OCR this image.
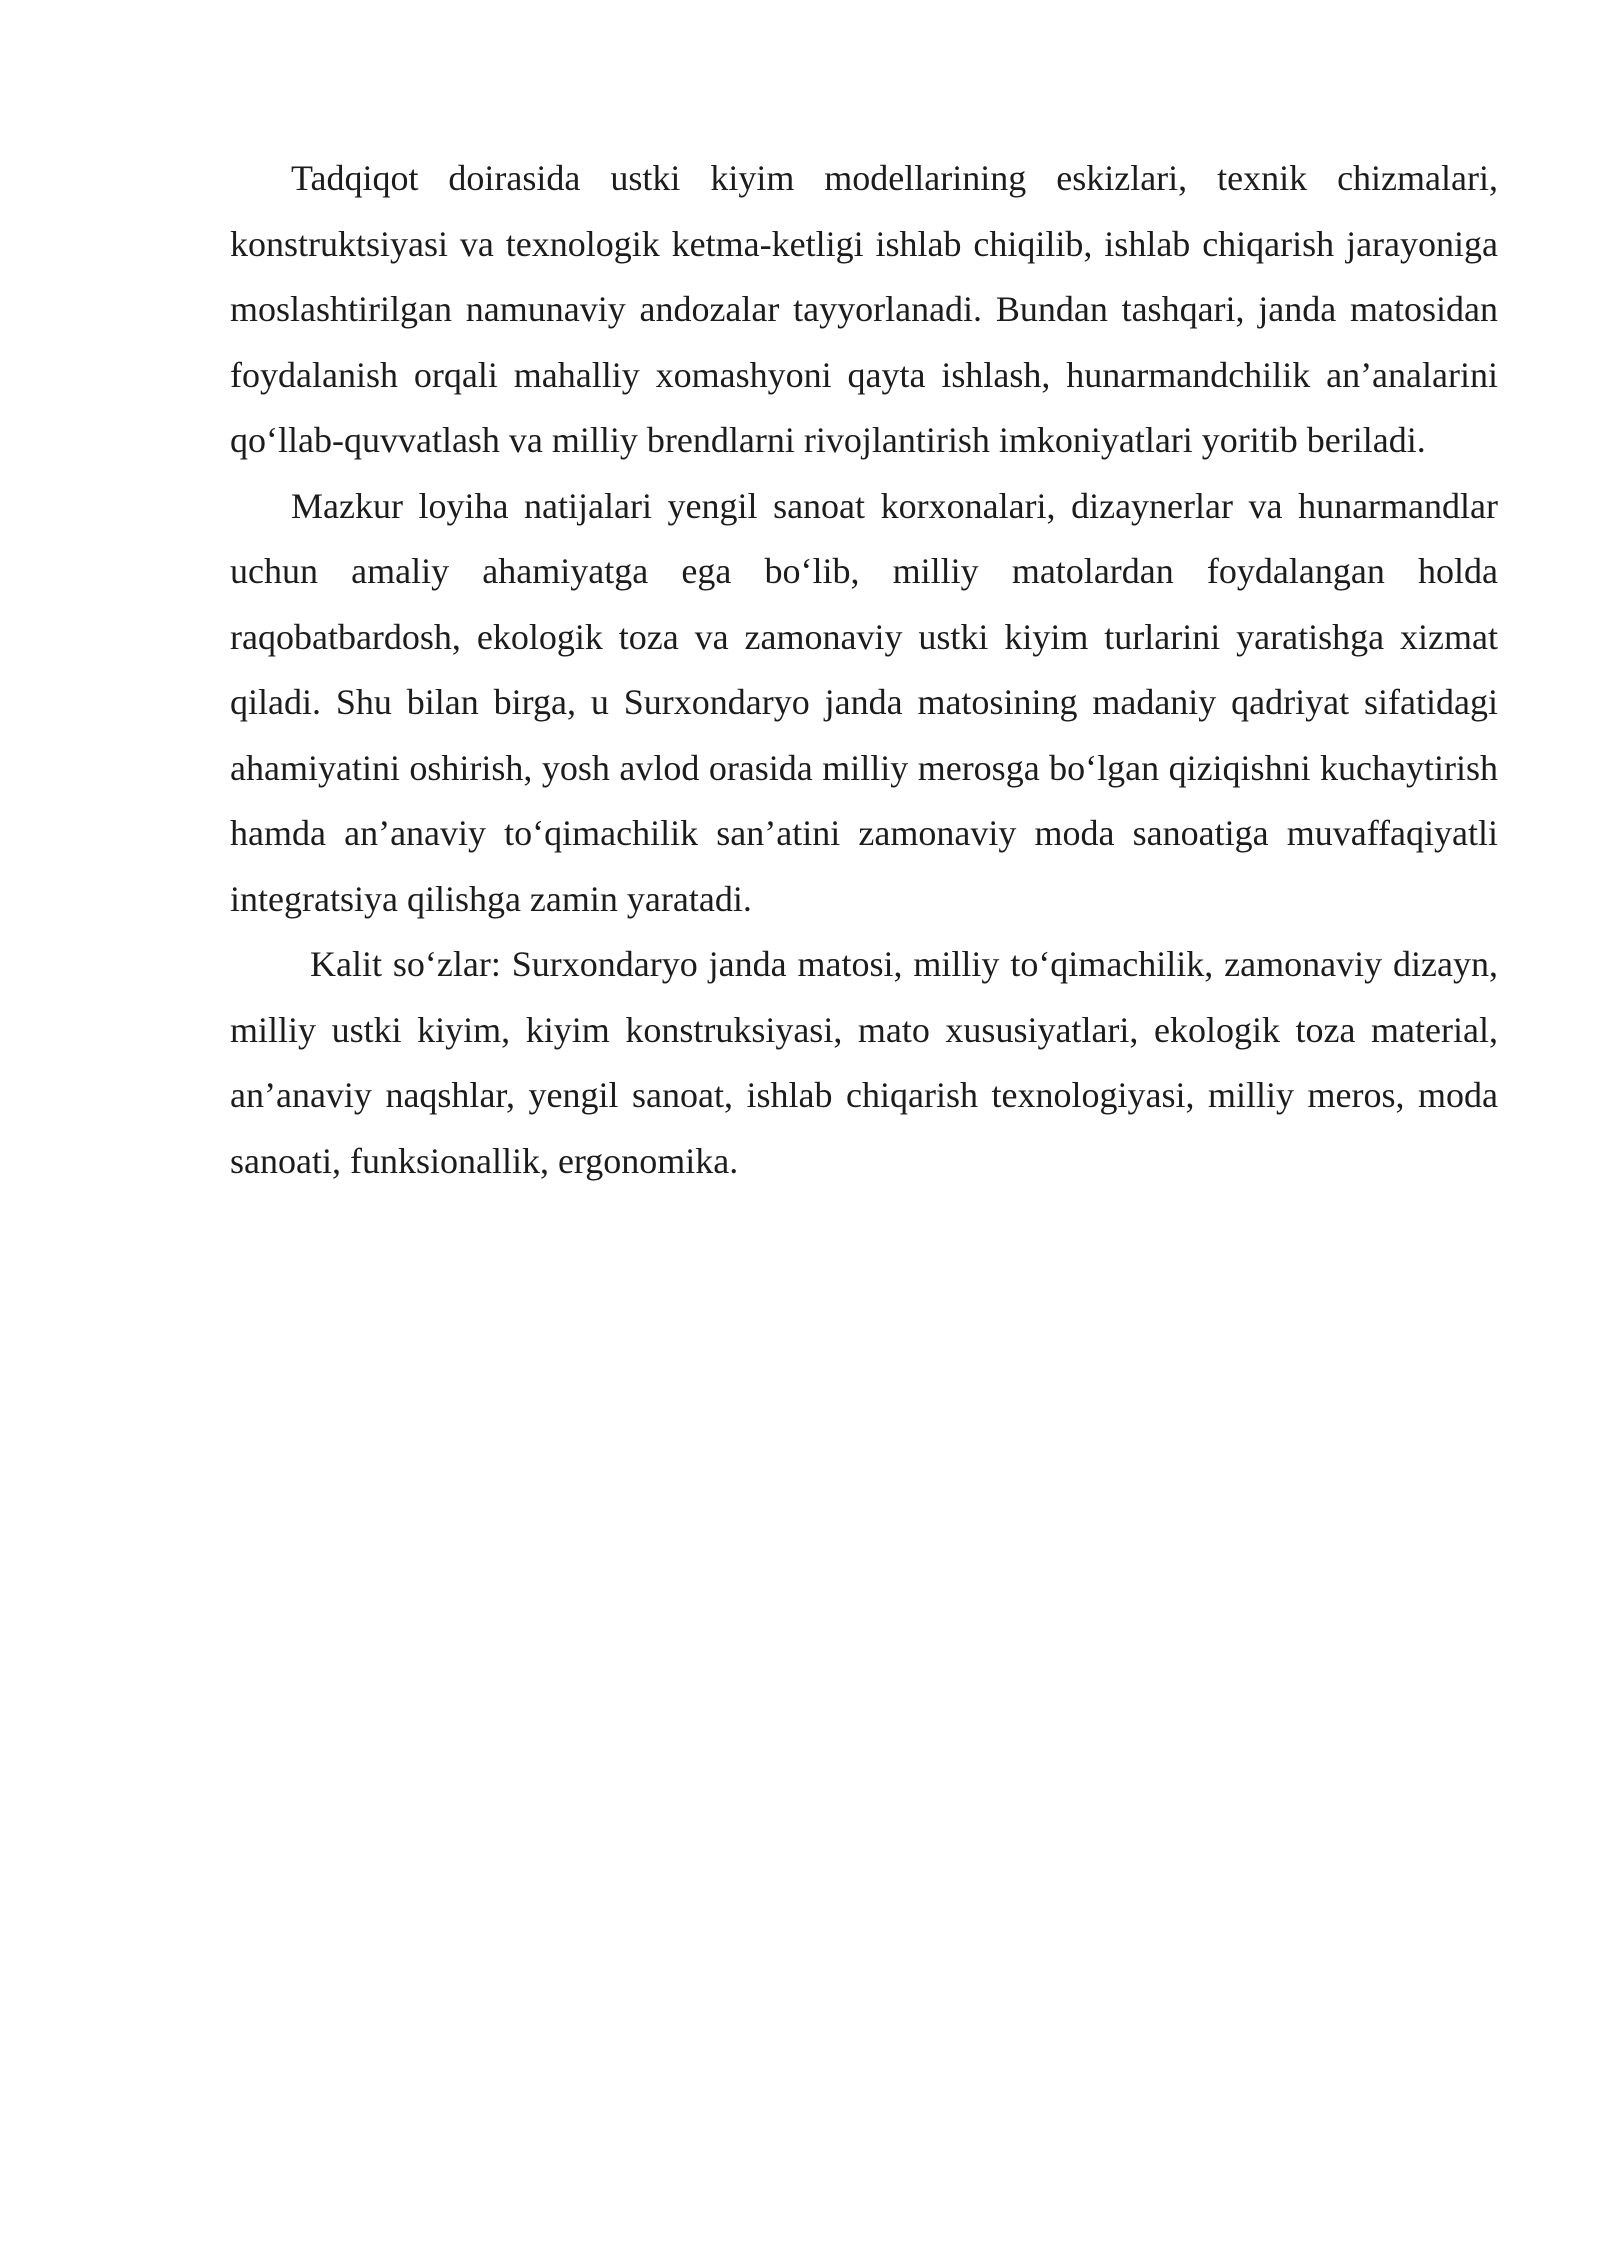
Tadqiqot doirasida ustki kiyim modellarining eskizlari, texnik chizmalari, konstruktsiyasi va texnologik ketma-ketligi ishlab chiqilib, ishlab chiqarish jarayoniga moslashtirilgan namunaviy andozalar tayyorlanadi. Bundan tashqari, janda matosidan foydalanish orqali mahalliy xomashyoni qayta ishlash, hunarmandchilik an’analarini qo‘llab-quvvatlash va milliy brendlarni rivojlantirish imkoniyatlari yoritib beriladi.

Mazkur loyiha natijalari yengil sanoat korxonalari, dizaynerlar va hunarmandlar uchun amaliy ahamiyatga ega bo‘lib, milliy matolardan foydalangan holda raqobatbardosh, ekologik toza va zamonaviy ustki kiyim turlarini yaratishga xizmat qiladi. Shu bilan birga, u Surxondaryo janda matosining madaniy qadriyat sifatidagi ahamiyatini oshirish, yosh avlod orasida milliy merosga bo‘lgan qiziqishni kuchaytirish hamda an’anaviy to‘qimachilik san’atini zamonaviy moda sanoatiga muvaffaqiyatli integratsiya qilishga zamin yaratadi.

Kalit so‘zlar: Surxondaryo janda matosi, milliy to‘qimachilik, zamonaviy dizayn, milliy ustki kiyim, kiyim konstruksiyasi, mato xususiyatlari, ekologik toza material, an’anaviy naqshlar, yengil sanoat, ishlab chiqarish texnologiyasi, milliy meros, moda sanoati, funksionallik, ergonomika.
